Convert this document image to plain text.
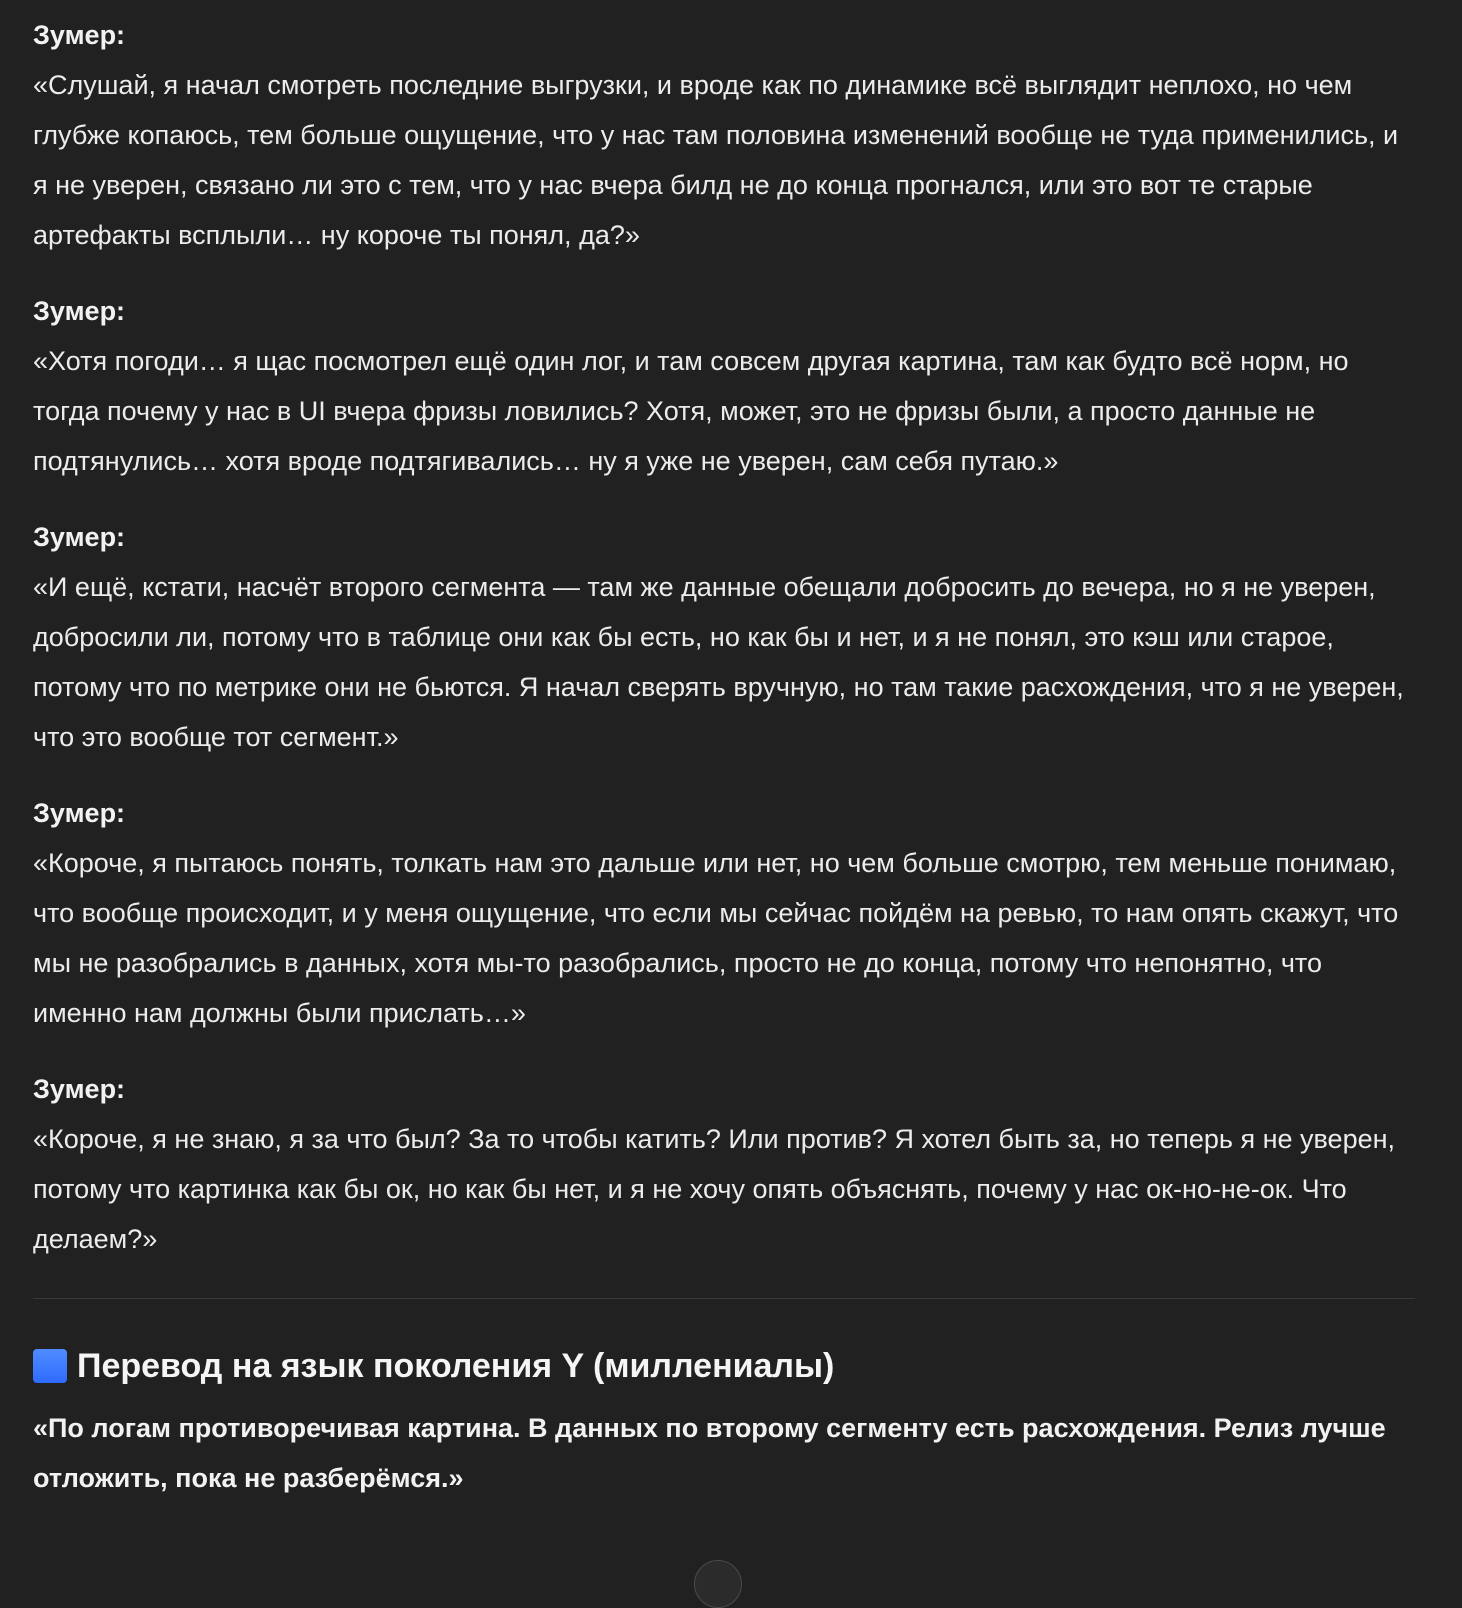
Зумер:
«Слушай, я начал смотреть последние выгрузки, и вроде как по динамике всё выглядит неплохо, но чем глубже копаюсь, тем больше ощущение, что у нас там половина изменений вообще не туда применились, и я не уверен, связано ли это с тем, что у нас вчера билд не до конца прогнался, или это вот те старые артефакты всплыли… ну короче ты понял, да?»
Зумер:
«Хотя погоди… я щас посмотрел ещё один лог, и там совсем другая картина, там как будто всё норм, но тогда почему у нас в UI вчера фризы ловились? Хотя, может, это не фризы были, а просто данные не подтянулись… хотя вроде подтягивались… ну я уже не уверен, сам себя путаю.»
Зумер:
«И ещё, кстати, насчёт второго сегмента — там же данные обещали добросить до вечера, но я не уверен, добросили ли, потому что в таблице они как бы есть, но как бы и нет, и я не понял, это кэш или старое, потому что по метрике они не бьются. Я начал сверять вручную, но там такие расхождения, что я не уверен, что это вообще тот сегмент.»
Зумер:
«Короче, я пытаюсь понять, толкать нам это дальше или нет, но чем больше смотрю, тем меньше понимаю, что вообще происходит, и у меня ощущение, что если мы сейчас пойдём на ревью, то нам опять скажут, что мы не разобрались в данных, хотя мы-то разобрались, просто не до конца, потому что непонятно, что именно нам должны были прислать…»
Зумер:
«Короче, я не знаю, я за что был? За то чтобы катить? Или против? Я хотел быть за, но теперь я не уверен, потому что картинка как бы ок, но как бы нет, и я не хочу опять объяснять, почему у нас ок-но-не-ок. Что делаем?»
Перевод на язык поколения Y (миллениалы)
«По логам противоречивая картина. В данных по второму сегменту есть расхождения. Релиз лучше отложить, пока не разберёмся.»
